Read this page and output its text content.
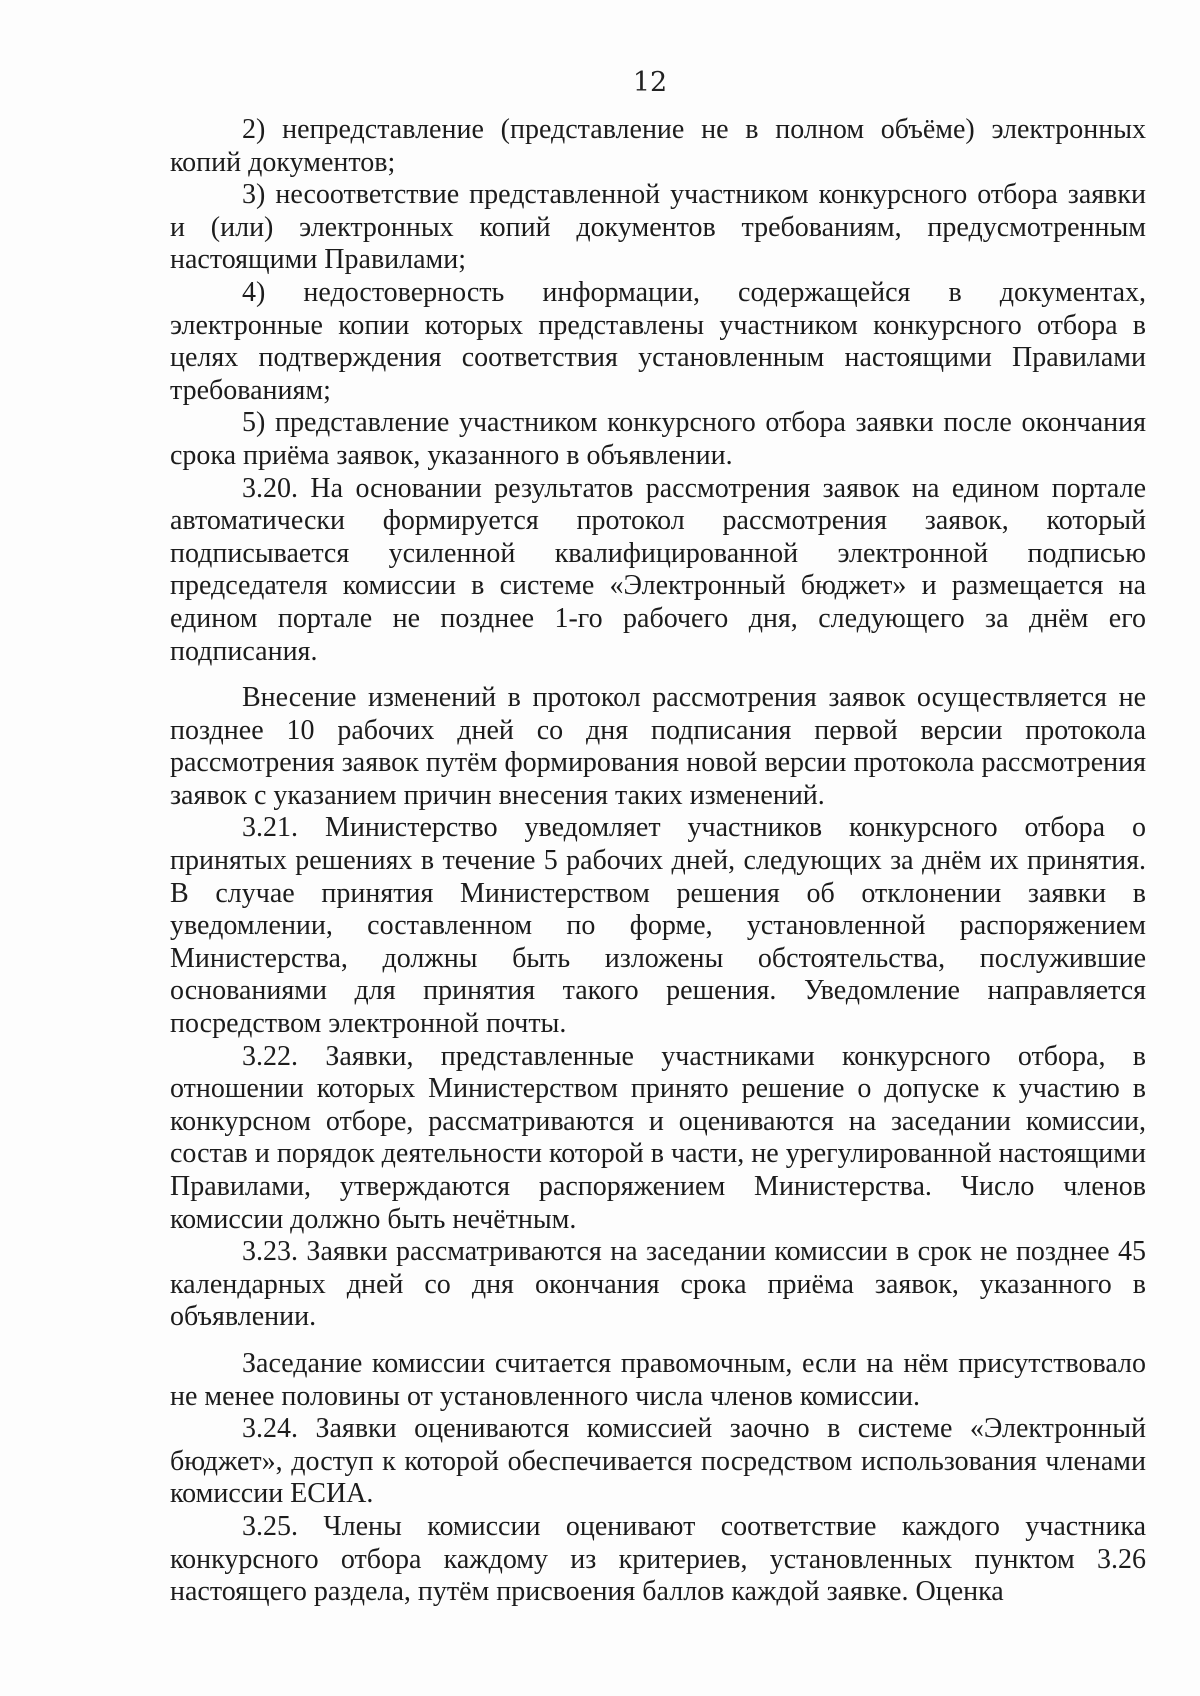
12

2) непредставление (представление не в полном объёме) электронных копий документов;

3) несоответствие представленной участником конкурсного отбора заявки и (или) электронных копий документов требованиям, предусмотренным настоящими Правилами;

4) недостоверность информации, содержащейся в документах, электронные копии которых представлены участником конкурсного отбора в целях подтверждения соответствия установленным настоящими Правилами требованиям;

5) представление участником конкурсного отбора заявки после окончания срока приёма заявок, указанного в объявлении.

3.20. На основании результатов рассмотрения заявок на едином портале автоматически формируется протокол рассмотрения заявок, который подписывается усиленной квалифицированной электронной подписью председателя комиссии в системе «Электронный бюджет» и размещается на едином портале не позднее 1-го рабочего дня, следующего за днём его подписания.

Внесение изменений в протокол рассмотрения заявок осуществляется не позднее 10 рабочих дней со дня подписания первой версии протокола рассмотрения заявок путём формирования новой версии протокола рассмотрения заявок с указанием причин внесения таких изменений.

3.21. Министерство уведомляет участников конкурсного отбора о принятых решениях в течение 5 рабочих дней, следующих за днём их принятия. В случае принятия Министерством решения об отклонении заявки в уведомлении, составленном по форме, установленной распоряжением Министерства, должны быть изложены обстоятельства, послужившие основаниями для принятия такого решения. Уведомление направляется посредством электронной почты.

3.22. Заявки, представленные участниками конкурсного отбора, в отношении которых Министерством принято решение о допуске к участию в конкурсном отборе, рассматриваются и оцениваются на заседании комиссии, состав и порядок деятельности которой в части, не урегулированной настоящими Правилами, утверждаются распоряжением Министерства. Число членов комиссии должно быть нечётным.

3.23. Заявки рассматриваются на заседании комиссии в срок не позднее 45 календарных дней со дня окончания срока приёма заявок, указанного в объявлении.

Заседание комиссии считается правомочным, если на нём присутствовало не менее половины от установленного числа членов комиссии.

3.24. Заявки оцениваются комиссией заочно в системе «Электронный бюджет», доступ к которой обеспечивается посредством использования членами комиссии ЕСИА.

3.25. Члены комиссии оценивают соответствие каждого участника конкурсного отбора каждому из критериев, установленных пунктом 3.26 настоящего раздела, путём присвоения баллов каждой заявке. Оценка
